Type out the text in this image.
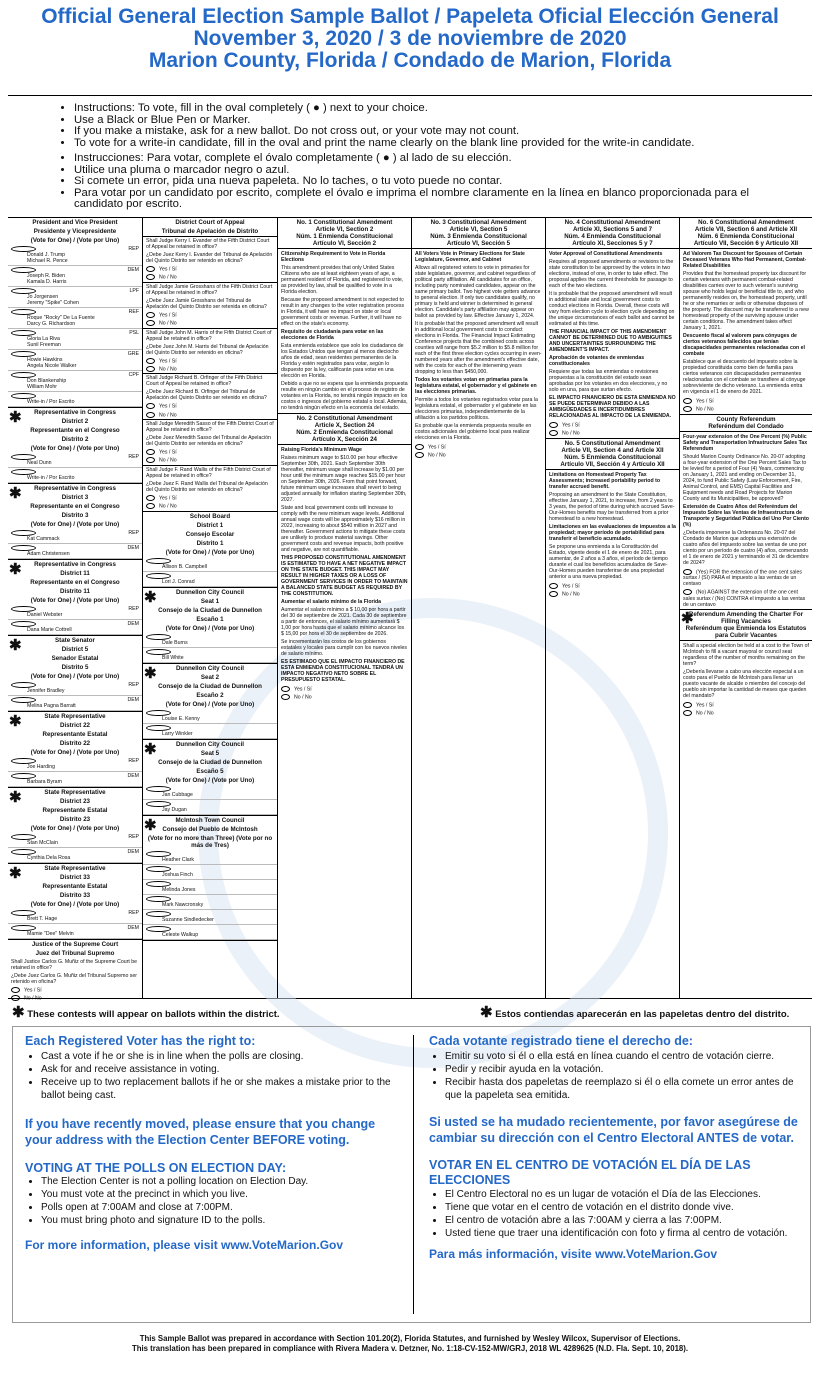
Official General Election Sample Ballot / Papeleta Oficial Elección General
November 3, 2020 / 3 de noviembre de 2020
Marion County, Florida / Condado de Marion, Florida
• Instructions: To vote, fill in the oval completely ( ● ) next to your choice.
• Use a Black or Blue Pen or Marker.
• If you make a mistake, ask for a new ballot. Do not cross out, or your vote may not count.
• To vote for a write-in candidate, fill in the oval and print the name clearly on the blank line provided for the write-in candidate.
• Instrucciones: Para votar, complete el óvalo completamente ( ● ) al lado de su elección.
• Utilice una pluma o marcador negro o azul.
• Si comete un error, pida una nueva papeleta. No lo taches, o tu voto puede no contar.
• Para votar por un candidato por escrito, complete el óvalo e imprima el nombre claramente en la línea en blanco proporcionada para el candidato por escrito.
President and Vice President
Presidente y Vicepresidente
(Vote for One) / (Vote por Uno)
Donald J. Trump
Michael R. Pence
REP
Joseph R. Biden
Kamala D. Harris
DEM
Jo Jorgensen
Jeremy "Spike" Cohen
LPF
Roque "Rocky" De La Fuente
Darcy G. Richardson
REF
Gloria La Riva
Sunil Freeman
PSL
Howie Hawkins
Angela Nicole Walker
GRE
Don Blankenship
William Mohr
CPF
Write-in / Por Escrito
✱	Representative in Congress
District 2
Representante en el Congreso
Distrito 2
(Vote for One) / (Vote por Uno)
Neal Dunn
REP
Write-in / Por Escrito
✱	Representative in Congress
District 3
Representante en el Congreso
Distrito 3
(Vote for One) / (Vote por Uno)
Kat Cammack
REP
Adam Christensen
DEM
✱	Representative in Congress
District 11
Representante en el Congreso
Distrito 11
(Vote for One) / (Vote por Uno)
Daniel Webster
REP
Dana Marie Cottrell
DEM
✱	State Senator
District 5
Senador Estatal
Distrito 5
(Vote for One) / (Vote por Uno)
Jennifer Bradley
REP
Melina Pagna Barratt
DEM
✱	State Representative
District 22
Representante Estatal
Distrito 22
(Vote for One) / (Vote por Uno)
Joe Harding
REP
Barbara Byram
DEM
✱	State Representative
District 23
Representante Estatal
Distrito 23
(Vote for One) / (Vote por Uno)
Stan McClain
REP
Cynthia Dela Rosa
DEM
✱	State Representative
District 33
Representante Estatal
Distrito 33
(Vote for One) / (Vote por Uno)
Brett T. Hage
REP
Mamie "Dee" Melvin
DEM
Justice of the Supreme Court
Juez del Tribunal Supremo
Shall Justice Carlos G. Muñiz of the Supreme Court be retained in office?
¿Debe Juez Carlos G. Muñiz del Tribunal Supremo ser retenido en oficina?
Yes / Sí
No / No
District Court of Appeal
Tribunal de Apelación de Distrito
Shall Judge Kerry I. Evander of the Fifth District Court of Appeal be retained in office?
¿Debe Juez Kerry I. Evander del Tribunal de Apelación del Quinto Distrito ser retenido en oficina?
Yes / Sí
No / No
Shall Judge Jamie Grosshans of the Fifth District Court of Appeal be retained in office?
¿Debe Juez Jamie Grosshans del Tribunal de Apelación del Quinto Distrito ser retenida en oficina?
Yes / Sí
No / No
Shall Judge John M. Harris of the Fifth District Court of Appeal be retained in office?
¿Debe Juez John M. Harris del Tribunal de Apelación del Quinto Distrito ser retenido en oficina?
Yes / Sí
No / No
Shall Judge Richard B. Orfinger of the Fifth District Court of Appeal be retained in office?
¿Debe Juez Richard B. Orfinger del Tribunal de Apelación del Quinto Distrito ser retenido en oficina?
Yes / Sí
No / No
Shall Judge Meredith Sasso of the Fifth District Court of Appeal be retained in office?
¿Debe Juez Meredith Sasso del Tribunal de Apelación del Quinto Distrito ser retenida en oficina?
Yes / Sí
No / No
Shall Judge F. Rand Wallis of the Fifth District Court of Appeal be retained in office?
¿Debe Juez F. Rand Wallis del Tribunal de Apelación del Quinto Distrito ser retenido en oficina?
Yes / Sí
No / No
School Board
District 1
Consejo Escolar
Distrito 1
(Vote for One) / (Vote por Uno)
Allison B. Campbell
Lori J. Conrad
✱	Dunnellon City Council
Seat 1
Consejo de la Ciudad de Dunnellon
Escaño 1
(Vote for One) / (Vote por Uno)
Dale Burns
Bill White
✱	Dunnellon City Council
Seat 2
Consejo de la Ciudad de Dunnellon
Escaño 2
(Vote for One) / (Vote por Uno)
Louise E. Kenny
Larry Winkler
✱	Dunnellon City Council
Seat 5
Consejo de la Ciudad de Dunnellon
Escaño 5
(Vote for One) / (Vote por Uno)
Jan Cubbage
Jay Dugan
✱	McIntosh Town Council
Consejo del Pueblo de McIntosh
(Vote for no more than Three) (Vote por no más de Tres)
Heather Clark
Joshua Finch
Melinda Jones
Mark Nawcronsky
Suzanne Sindledecker
Celeste Walkup
No. 1 Constitutional Amendment
Article VI, Section 2
Núm. 1 Enmienda Constitucional
Artículo VI, Sección 2

Citizenship Requirement to Vote in Florida Elections

This amendment provides that only United States Citizens who are at least eighteen years of age, a permanent resident of Florida, and registered to vote, as provided by law, shall be qualified to vote in a Florida election.

Because the proposed amendment is not expected to result in any changes to the voter registration process in Florida, it will have no impact on state or local government costs or revenue. Further, it will have no effect on the state's economy.

Requisito de ciudadanía para votar en las elecciones de Florida

Esta enmienda establece que solo los ciudadanos de los Estados Unidos que tengan al menos dieciocho años de edad, sean residentes permanentes de la Florida y estén registrados para votar, según lo dispuesto por la ley, calificarán para votar en una elección en Florida.

Debido a que no se espera que la enmienda propuesta resulte en ningún cambio en el proceso de registro de votantes en la Florida, no tendrá ningún impacto en los costos o ingresos del gobierno estatal o local. Además, no tendrá ningún efecto en la economía del estado.

No. 2 Constitutional Amendment
Article X, Section 24
Núm. 2 Enmienda Constitucional
Artículo X, Sección 24

Raising Florida's Minimum Wage

Raises minimum wage to $10.00 per hour effective September 30th, 2021. Each September 30th thereafter, minimum wage shall increase by $1.00 per hour until the minimum wage reaches $15.00 per hour on September 30th, 2026. From that point forward, future minimum wage increases shall revert to being adjusted annually for inflation starting September 30th, 2027.

State and local government costs will increase to comply with the new minimum wage levels. Additional annual wage costs will be approximately $16 million in 2022, increasing to about $540 million in 2027 and thereafter. Government actions to mitigate these costs are unlikely to produce material savings. Other government costs and revenue impacts, both positive and negative, are not quantifiable.

THIS PROPOSED CONSTITUTIONAL AMENDMENT IS ESTIMATED TO HAVE A NET NEGATIVE IMPACT ON THE STATE BUDGET. THIS IMPACT MAY RESULT IN HIGHER TAXES OR A LOSS OF GOVERNMENT SERVICES IN ORDER TO MAINTAIN A BALANCED STATE BUDGET AS REQUIRED BY THE CONSTITUTION.

Aumentar el salario mínimo de la Florida

Aumentar el salario mínimo a $ 10,00 por hora a partir del 30 de septiembre de 2021. Cada 30 de septiembre a partir de entonces, el salario mínimo aumentará $ 1,00 por hora hasta que el salario mínimo alcance los $ 15,00 por hora el 30 de septiembre de 2026.

Se incrementarán los costos de los gobiernos estatales y locales para cumplir con los nuevos niveles de salario mínimo.

ES ESTIMADO QUE EL IMPACTO FINANCIERO DE ESTA ENMIENDA CONSTITUCIONAL TENDRÁ UN IMPACTO NEGATIVO NETO SOBRE EL PRESUPUESTO ESTATAL.

Yes / Sí
No / No
No. 3 Constitutional Amendment
Article VI, Section 5
Núm. 3 Enmienda Constitucional
Artículo VI, Sección 5

All Voters Vote in Primary Elections for State Legislature, Governor, and Cabinet

Allows all registered voters to vote in primaries for state legislature, governor, and cabinet regardless of political party affiliation. All candidates for an office, including party nominated candidates, appear on the same primary ballot. Two highest vote getters advance to general election. If only two candidates qualify, no primary is held and winner is determined in general election. Candidate's party affiliation may appear on ballot as provided by law. Effective January 1, 2024.

It is probable that the proposed amendment will result in additional local government costs to conduct elections in Florida. The Financial Impact Estimating Conference projects that the combined costs across counties will range from $5.2 million to $5.8 million for each of the first three election cycles occurring in even-numbered years after the amendment's effective date, with the costs for each of the intervening years dropping to less than $450,000.

Todos los votantes votan en primarias para la legislatura estatal, el gobernador y el gabinete en las elecciones primarias.

Permite a todos los votantes registrados votar para la legislatura estatal, el gobernador y el gabinete en las elecciones primarias, independientemente de la afiliación a los partidos políticos.

Es probable que la enmienda propuesta resulte en costos adicionales del gobierno local para realizar elecciones en la Florida.

Yes / Sí
No / No
No. 4 Constitutional Amendment
Article XI, Sections 5 and 7
Núm. 4 Enmienda Constitucional
Artículo XI, Secciones 5 y 7

Voter Approval of Constitutional Amendments

Requires all proposed amendments or revisions to the state constitution to be approved by the voters in two elections, instead of one, in order to take effect. The proposal applies the current thresholds for passage to each of the two elections.

It is probable that the proposed amendment will result in additional state and local government costs to conduct elections in Florida. Overall, these costs will vary from election cycle to election cycle depending on the unique circumstances of each ballot and cannot be estimated at this time.

THE FINANCIAL IMPACT OF THIS AMENDMENT CANNOT BE DETERMINED DUE TO AMBIGUITIES AND UNCERTAINTIES SURROUNDING THE AMENDMENT'S IMPACT.

Aprobación de votantes de enmiendas constitucionales

Requiere que todas las enmiendas o revisiones propuestas a la constitución del estado sean aprobadas por los votantes en dos elecciones, y no solo en una, para que surtan efecto.

EL IMPACTO FINANCIERO DE ESTA ENMIENDA NO SE PUEDE DETERMINAR DEBIDO A LAS AMBIGÜEDADES E INCERTIDUMBRES RELACIONADAS AL IMPACTO DE LA ENMIENDA.

Yes / Sí
No / No
No. 5 Constitutional Amendment
Article VII, Section 4 and Article XII
Núm. 5 Enmienda Constitucional
Artículo VII, Sección 4 y Artículo XII

Limitations on Homestead Property Tax Assessments; increased portability period to transfer accrued benefit.

Proposing an amendment to the State Constitution, effective January 1, 2021, to increase, from 2 years to 3 years, the period of time during which accrued Save-Our-Homes benefits may be transferred from a prior homestead to a new homestead.

Limitaciones en las evaluaciones de impuestos a la propiedad; mayor período de portabilidad para transferir el beneficio acumulado.

Se propone una enmienda a la Constitución del Estado, vigente desde el 1 de enero de 2021, para aumentar, de 2 años a 3 años, el período de tiempo durante el cual los beneficios acumulados de Save-Our-Homes pueden transferirse de una propiedad anterior a una nueva propiedad.

Yes / Sí
No / No
No. 6 Constitutional Amendment
Article VII, Section 6 and Article XII
Núm. 6 Enmienda Constitucional
Artículo VII, Sección 6 y Artículo XII

Ad Valorem Tax Discount for Spouses of Certain Deceased Veterans Who Had Permanent, Combat-Related Disabilities

Provides that the homestead property tax discount for certain veterans with permanent combat-related disabilities carries over to such veteran's surviving spouse who holds legal or beneficial title to, and who permanently resides on, the homestead property, until he or she remarries or sells or otherwise disposes of the property. The discount may be transferred to a new homestead property of the surviving spouse under certain conditions. The amendment takes effect January 1, 2021.

Descuento fiscal al valorem para cónyuges de ciertos veteranos fallecidos que tenían discapacidades permanentes relacionadas con el combate

Establece que el descuento del impuesto sobre la propiedad constituida como bien de familia para ciertos veteranos con discapacidades permanentes relacionadas con el combate se transfiere al cónyuge sobreviviente de dicho veterano. La enmienda entra en vigencia el 1 de enero de 2021.

Yes / Sí
No / No
County Referendum
Referéndum del Condado

Four-year extension of the One Percent (%) Public Safety and Transportation Infrastructure Sales Tax Referendum

Should Marion County Ordinance No. 20-07 adopting a four-year extension of the One Percent Sales Tax to be levied for a period of Four (4) Years, commencing on January 1, 2021 and ending on December 31, 2024, to fund Public Safety (Law Enforcement, Fire, Animal Control, and EMS) Capital Facilities and Equipment needs and Road Projects for Marion County and its Municipalities, be approved?

Extensión de Cuatro Años del Referéndum del Impuesto Sobre las Ventas de Infraestructura de Transporte y Seguridad Pública del Uno Por Ciento (%)

¿Debería imponerse la Ordenanza No. 20-07 del Condado de Marion que adopta una extensión de cuatro años del impuesto sobre las ventas de uno por ciento por un período de cuatro (4) años, comenzando el 1 de enero de 2021 y terminando el 31 de diciembre de 2024?

(Yes) FOR the extension of the one cent sales surtax / (Sí) PARA el impuesto a las ventas de un centavo
(No) AGAINST the extension of the one cent sales surtax / (No) CONTRA el impuesto a las ventas de un centavo
✱
Referendum Amending the Charter For Filling Vacancies
Referéndum que Enmienda los Estatutos para Cubrir Vacantes

Shall a special election be held at a cost to the Town of McIntosh to fill a vacant mayoral or council seat regardless of the number of months remaining on the term?

¿Debería llevarse a cabo una elección especial a un costo para el Pueblo de McIntosh para llenar un puesto vacante de alcalde o miembro del concejo del pueblo sin importar la cantidad de meses que queden del mandato?

Yes / Sí
No / No
✱ These contests will appear on ballots within the district.	✱ Estos contiendas aparecerán en las papeletas dentro del distrito.
Each Registered Voter has the right to:
• Cast a vote if he or she is in line when the polls are closing.
• Ask for and receive assistance in voting.
• Receive up to two replacement ballots if he or she makes a mistake prior to the ballot being cast.
If you have recently moved, please ensure that you change your address with the Election Center BEFORE voting.
VOTING AT THE POLLS ON ELECTION DAY:
• The Election Center is not a polling location on Election Day.
• You must vote at the precinct in which you live.
• Polls open at 7:00AM and close at 7:00PM.
• You must bring photo and signature ID to the polls.
For more information, please visit www.VoteMarion.Gov
Cada votante registrado tiene el derecho de:
• Emitir su voto si él o ella está en línea cuando el centro de votación cierre.
• Pedir y recibir ayuda en la votación.
• Recibir hasta dos papeletas de reemplazo si él o ella comete un error antes de que la papeleta sea emitida.
Si usted se ha mudado recientemente, por favor asegúrese de cambiar su dirección con el Centro Electoral ANTES de votar.
VOTAR EN EL CENTRO DE VOTACIÓN EL DÍA DE LAS ELECCIONES
• El Centro Electoral no es un lugar de votación el Día de las Elecciones.
• Tiene que votar en el centro de votación en el distrito donde vive.
• El centro de votación abre a las 7:00AM y cierra a las 7:00PM.
• Usted tiene que traer una identificación con foto y firma al centro de votación.
Para más información, visite www.VoteMarion.Gov
This Sample Ballot was prepared in accordance with Section 101.20(2), Florida Statutes, and furnished by Wesley Wilcox, Supervisor of Elections.
This translation has been prepared in compliance with Rivera Madera v. Detzner, No. 1:18-CV-152-MW/GRJ, 2018 WL 4289625 (N.D. Fla. Sept. 10, 2018).
